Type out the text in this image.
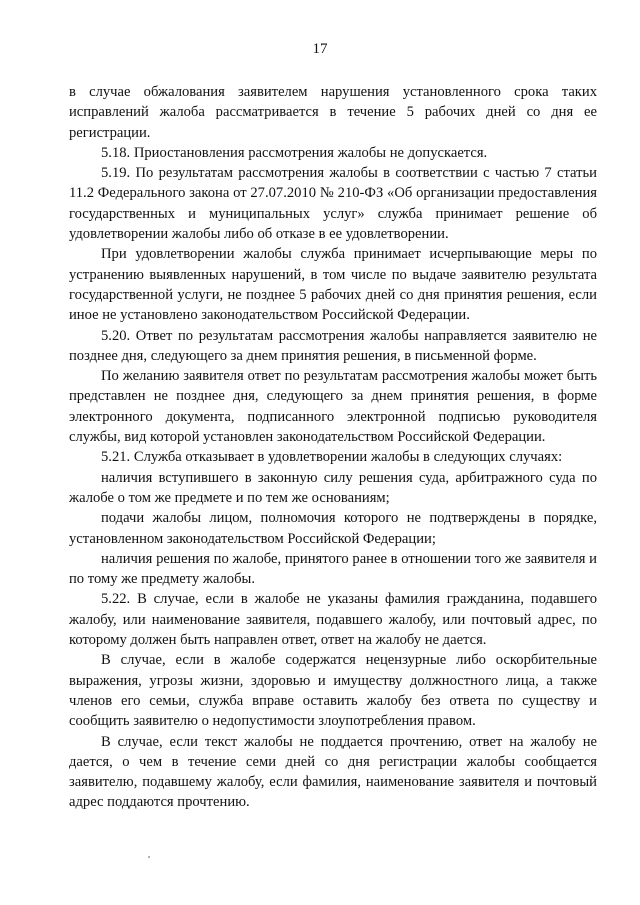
17

в случае обжалования заявителем нарушения установленного срока таких исправлений жалоба рассматривается в течение 5 рабочих дней со дня ее регистрации.

5.18. Приостановления рассмотрения жалобы не допускается.

5.19. По результатам рассмотрения жалобы в соответствии с частью 7 статьи 11.2 Федерального закона от 27.07.2010 № 210-ФЗ «Об организации предоставления государственных и муниципальных услуг» служба принимает решение об удовлетворении жалобы либо об отказе в ее удовлетворении.

При удовлетворении жалобы служба принимает исчерпывающие меры по устранению выявленных нарушений, в том числе по выдаче заявителю результата государственной услуги, не позднее 5 рабочих дней со дня принятия решения, если иное не установлено законодательством Российской Федерации.

5.20. Ответ по результатам рассмотрения жалобы направляется заявителю не позднее дня, следующего за днем принятия решения, в письменной форме.

По желанию заявителя ответ по результатам рассмотрения жалобы может быть представлен не позднее дня, следующего за днем принятия решения, в форме электронного документа, подписанного электронной подписью руководителя службы, вид которой установлен законодательством Российской Федерации.

5.21. Служба отказывает в удовлетворении жалобы в следующих случаях:

наличия вступившего в законную силу решения суда, арбитражного суда по жалобе о том же предмете и по тем же основаниям;

подачи жалобы лицом, полномочия которого не подтверждены в порядке, установленном законодательством Российской Федерации;

наличия решения по жалобе, принятого ранее в отношении того же заявителя и по тому же предмету жалобы.

5.22. В случае, если в жалобе не указаны фамилия гражданина, подавшего жалобу, или наименование заявителя, подавшего жалобу, или почтовый адрес, по которому должен быть направлен ответ, ответ на жалобу не дается.

В случае, если в жалобе содержатся нецензурные либо оскорбительные выражения, угрозы жизни, здоровью и имуществу должностного лица, а также членов его семьи, служба вправе оставить жалобу без ответа по существу и сообщить заявителю о недопустимости злоупотребления правом.

В случае, если текст жалобы не поддается прочтению, ответ на жалобу не дается, о чем в течение семи дней со дня регистрации жалобы сообщается заявителю, подавшему жалобу, если фамилия, наименование заявителя и почтовый адрес поддаются прочтению.
